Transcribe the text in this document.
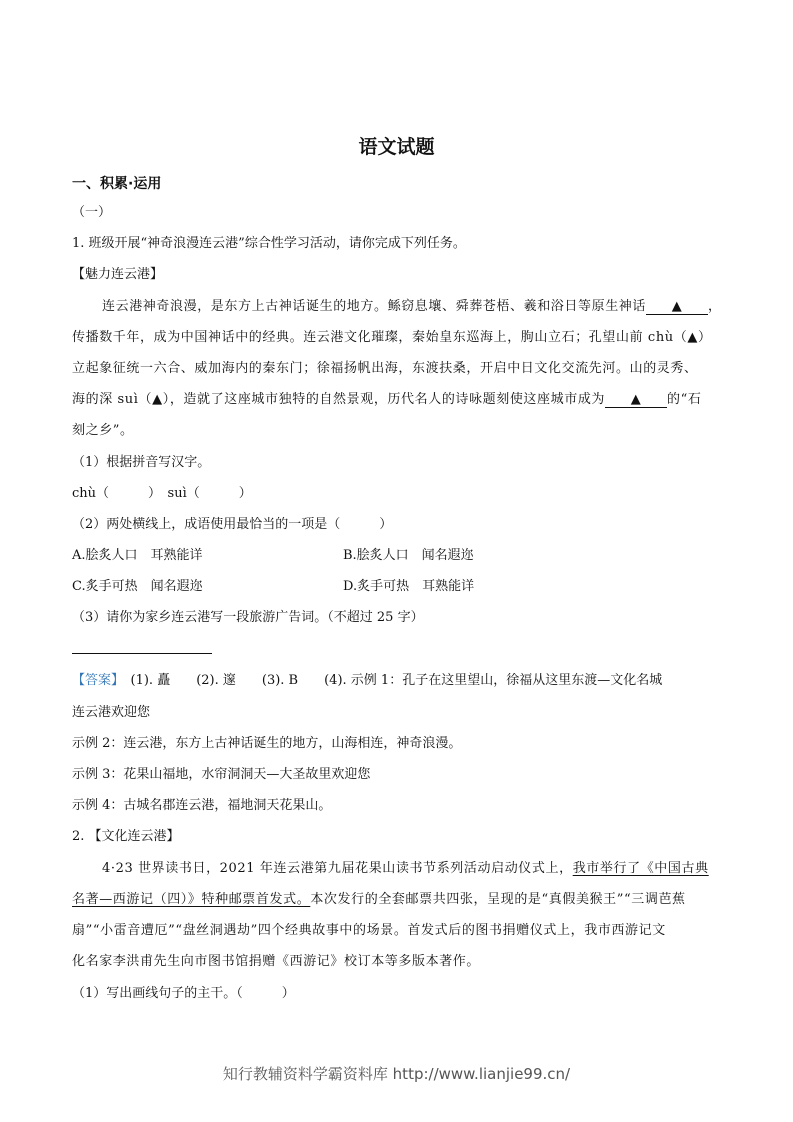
语文试题
一、积累·运用
（一）
1. 班级开展“神奇浪漫连云港”综合性学习活动，请你完成下列任务。
【魅力连云港】
连云港神奇浪漫，是东方上古神话诞生的地方。鲧窃息壤、舜葬苍梧、羲和浴日等原生神话 ▲ ，
传播数千年，成为中国神话中的经典。连云港文化璀璨，秦始皇东巡海上，朐山立石；孔望山前 chù（▲）
立起象征统一六合、威加海内的秦东门；徐福扬帆出海，东渡扶桑，开启中日文化交流先河。山的灵秀、
海的深 suì（▲），造就了这座城市独特的自然景观，历代名人的诗咏题刻使这座城市成为 ▲ 的“石
刻之乡”。
（1）根据拼音写汉字。
chù（　　　）　suì（　　　）
（2）两处横线上，成语使用最恰当的一项是（　　　）
A.脍炙人口　耳熟能详	B.脍炙人口　闻名遐迩
C.炙手可热　闻名遐迩	D.炙手可热　耳熟能详
（3）请你为家乡连云港写一段旅游广告词。（不超过 25 字）
【答案】　(1). 矗　　(2). 邃　　(3). B　　(4). 示例 1：孔子在这里望山，徐福从这里东渡—文化名城
连云港欢迎您
示例 2：连云港，东方上古神话诞生的地方，山海相连，神奇浪漫。
示例 3：花果山福地，水帘洞洞天—大圣故里欢迎您
示例 4：古城名郡连云港，福地洞天花果山。
2. 【文化连云港】
4·23 世界读书日，2021 年连云港第九届花果山读书节系列活动启动仪式上，我市举行了《中国古典
名著—西游记（四）》特种邮票首发式。本次发行的全套邮票共四张，呈现的是“真假美猴王”“三调芭蕉
扇”“小雷音遭厄”“盘丝洞遇劫”四个经典故事中的场景。首发式后的图书捐赠仪式上，我市西游记文
化名家李洪甫先生向市图书馆捐赠《西游记》校订本等多版本著作。
（1）写出画线句子的主干。（　　　）
知行教辅资料学霸资料库 http://www.lianjie99.cn/
